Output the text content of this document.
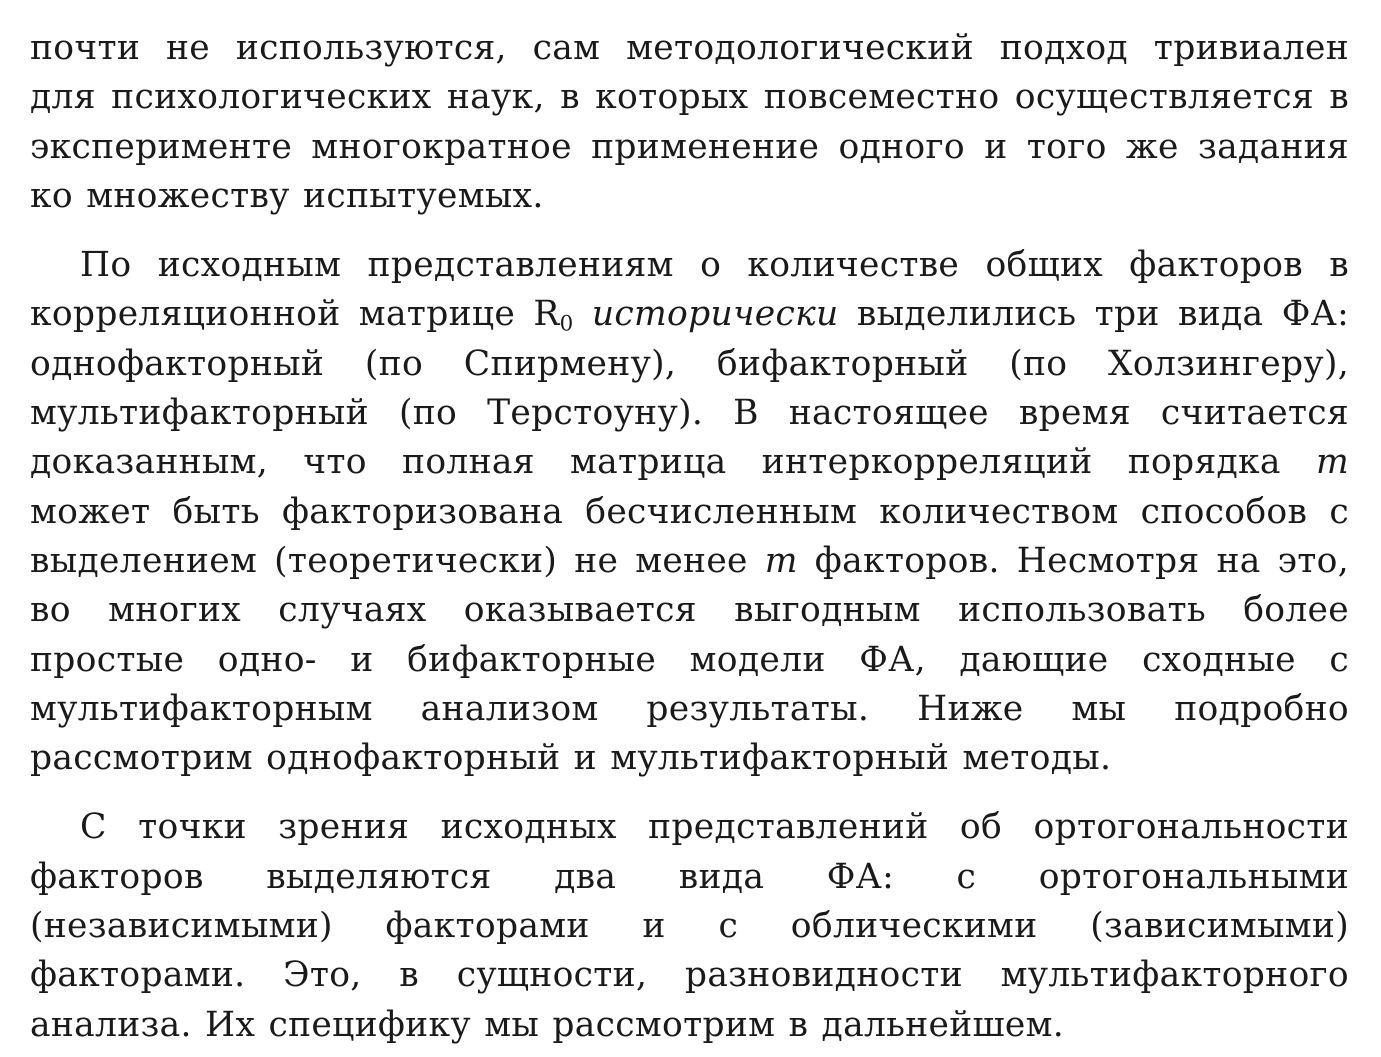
почти не используются, сам методологический подход тривиален для психологических наук, в которых повсеместно осуществляется в эксперименте многократное применение одного и того же задания ко множеству испытуемых.

По исходным представлениям о количестве общих факторов в корреляционной матрице $R_0$ исторически выделились три вида ФА: однофакторный (по Спирмену), бифакторный (по Холзингеру), мультифакторный (по Терстоуну). В настоящее время считается доказанным, что полная матрица интеркорреляций порядка m может быть факторизована бесчисленным количеством способов с выделением (теоретически) не менее m факторов. Несмотря на это, во многих случаях оказывается выгодным использовать более простые одно- и бифакторные модели ФА, дающие сходные с мультифакторным анализом результаты. Ниже мы подробно рассмотрим однофакторный и мультифакторный методы.

С точки зрения исходных представлений об ортогональности факторов выделяются два вида ФА: с ортогональными (независимыми) факторами и с облическими (зависимыми) факторами. Это, в сущности, разновидности мультифакторного анализа. Их специфику мы рассмотрим в дальнейшем.
